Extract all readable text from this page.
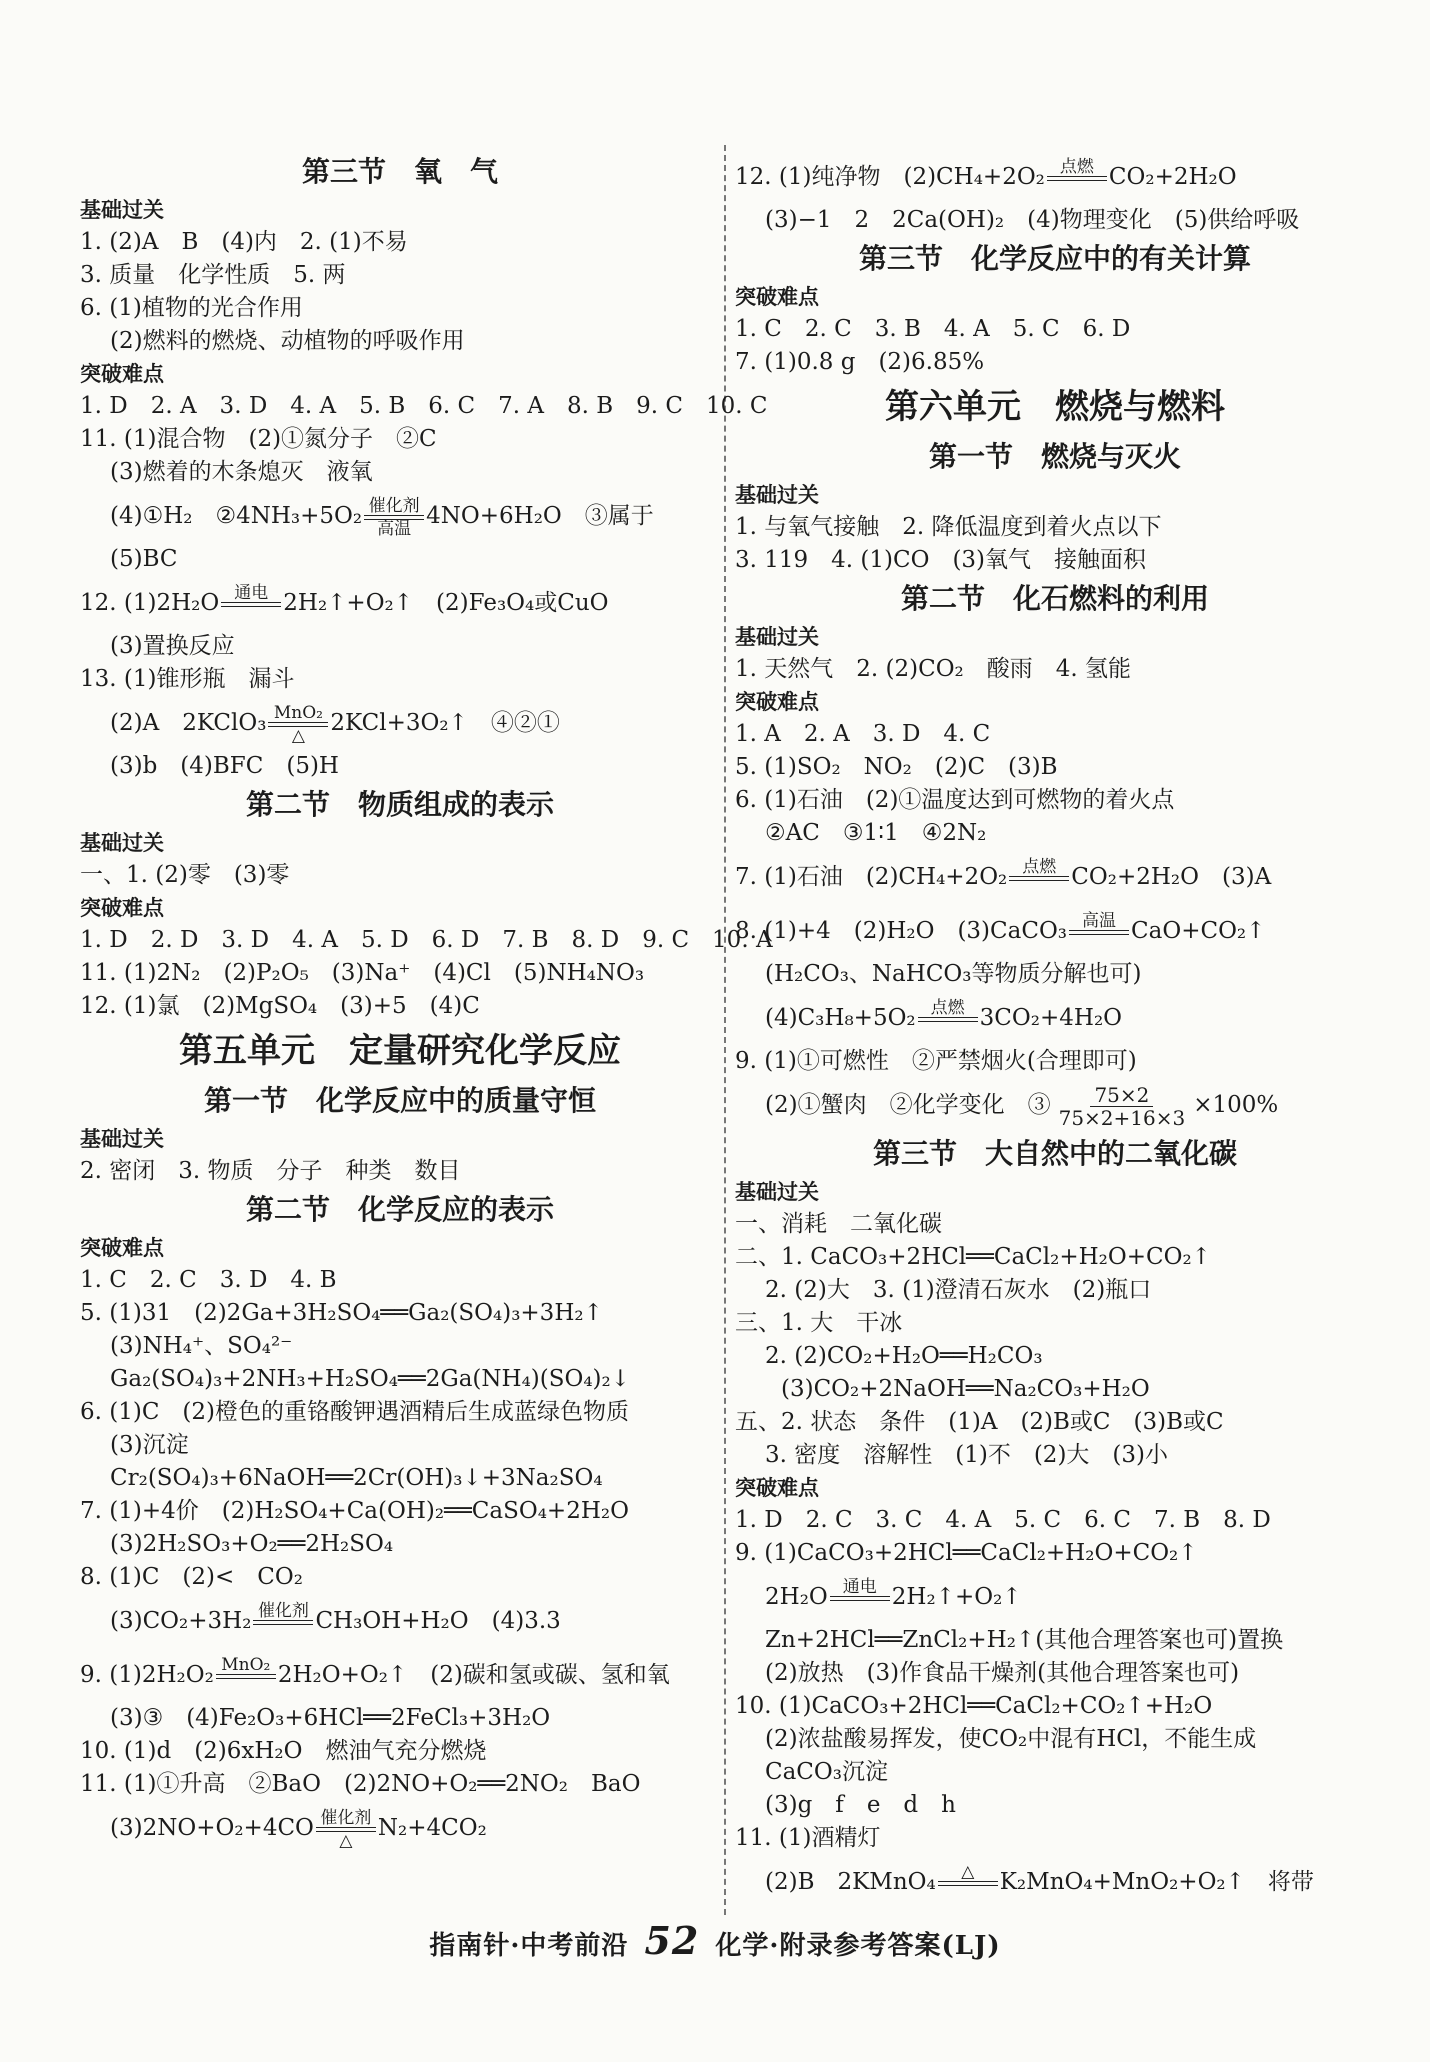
第三节　氧　气
基础过关
1. (2)A　B　(4)内　2. (1)不易
3. 质量　化学性质　5. 两
6. (1)植物的光合作用
(2)燃料的燃烧、动植物的呼吸作用
突破难点
1. D　2. A　3. D　4. A　5. B　6. C　7. A　8. B　9. C　10. C
11. (1)混合物　(2)①氮分子　②C
(3)燃着的木条熄灭　液氧
(4)①H₂　②4NH₃+5O₂ 催化剂
高温 4NO+6H₂O　③属于
(5)BC
12. (1)2H₂O 通电 2H₂↑+O₂↑　(2)Fe₃O₄或CuO
(3)置换反应
13. (1)锥形瓶　漏斗
(2)A　2KClO₃ MnO₂
△ 2KCl+3O₂↑　④②①
(3)b　(4)BFC　(5)H
第二节　物质组成的表示
基础过关
一、1. (2)零　(3)零
突破难点
1. D　2. D　3. D　4. A　5. D　6. D　7. B　8. D　9. C　10. A
11. (1)2N₂　(2)P₂O₅　(3)Na⁺　(4)Cl　(5)NH₄NO₃
12. (1)氯　(2)MgSO₄　(3)+5　(4)C
第五单元　定量研究化学反应
第一节　化学反应中的质量守恒
基础过关
2. 密闭　3. 物质　分子　种类　数目
第二节　化学反应的表示
突破难点
1. C　2. C　3. D　4. B
5. (1)31　(2)2Ga+3H₂SO₄══Ga₂(SO₄)₃+3H₂↑
(3)NH₄⁺、SO₄²⁻
Ga₂(SO₄)₃+2NH₃+H₂SO₄══2Ga(NH₄)(SO₄)₂↓
6. (1)C　(2)橙色的重铬酸钾遇酒精后生成蓝绿色物质
(3)沉淀
Cr₂(SO₄)₃+6NaOH══2Cr(OH)₃↓+3Na₂SO₄
7. (1)+4价　(2)H₂SO₄+Ca(OH)₂══CaSO₄+2H₂O
(3)2H₂SO₃+O₂══2H₂SO₄
8. (1)C　(2)<　CO₂
(3)CO₂+3H₂ 催化剂 CH₃OH+H₂O　(4)3.3
9. (1)2H₂O₂ MnO₂ 2H₂O+O₂↑　(2)碳和氢或碳、氢和氧
(3)③　(4)Fe₂O₃+6HCl══2FeCl₃+3H₂O
10. (1)d　(2)6xH₂O　燃油气充分燃烧
11. (1)①升高　②BaO　(2)2NO+O₂══2NO₂　BaO
(3)2NO+O₂+4CO 催化剂
△ N₂+4CO₂
12. (1)纯净物　(2)CH₄+2O₂ 点燃 CO₂+2H₂O
(3)−1　2　2Ca(OH)₂　(4)物理变化　(5)供给呼吸
第三节　化学反应中的有关计算
突破难点
1. C　2. C　3. B　4. A　5. C　6. D
7. (1)0.8 g　(2)6.85%
第六单元　燃烧与燃料
第一节　燃烧与灭火
基础过关
1. 与氧气接触　2. 降低温度到着火点以下
3. 119　4. (1)CO　(3)氧气　接触面积
第二节　化石燃料的利用
基础过关
1. 天然气　2. (2)CO₂　酸雨　4. 氢能
突破难点
1. A　2. A　3. D　4. C
5. (1)SO₂　NO₂　(2)C　(3)B
6. (1)石油　(2)①温度达到可燃物的着火点
②AC　③1∶1　④2N₂
7. (1)石油　(2)CH₄+2O₂ 点燃 CO₂+2H₂O　(3)A
8. (1)+4　(2)H₂O　(3)CaCO₃ 高温 CaO+CO₂↑
(H₂CO₃、NaHCO₃等物质分解也可)
(4)C₃H₈+5O₂ 点燃 3CO₂+4H₂O
9. (1)①可燃性　②严禁烟火(合理即可)
(2)①蟹肉　②化学变化　③ $\frac{75\times 2}{75\times 2+16\times 3} \times 100\%$
第三节　大自然中的二氧化碳
基础过关
一、消耗　二氧化碳
二、1. CaCO₃+2HCl══CaCl₂+H₂O+CO₂↑
2. (2)大　3. (1)澄清石灰水　(2)瓶口
三、1. 大　干冰
2. (2)CO₂+H₂O══H₂CO₃
(3)CO₂+2NaOH══Na₂CO₃+H₂O
五、2. 状态　条件　(1)A　(2)B或C　(3)B或C
3. 密度　溶解性　(1)不　(2)大　(3)小
突破难点
1. D　2. C　3. C　4. A　5. C　6. C　7. B　8. D
9. (1)CaCO₃+2HCl══CaCl₂+H₂O+CO₂↑
2H₂O 通电 2H₂↑+O₂↑
Zn+2HCl══ZnCl₂+H₂↑(其他合理答案也可)置换
(2)放热　(3)作食品干燥剂(其他合理答案也可)
10. (1)CaCO₃+2HCl══CaCl₂+CO₂↑+H₂O
(2)浓盐酸易挥发，使CO₂中混有HCl，不能生成
CaCO₃沉淀
(3)g　f　e　d　h
11. (1)酒精灯
(2)B　2KMnO₄ △ K₂MnO₄+MnO₂+O₂↑　将带
指南针·中考前沿 52 化学·附录参考答案(LJ)
